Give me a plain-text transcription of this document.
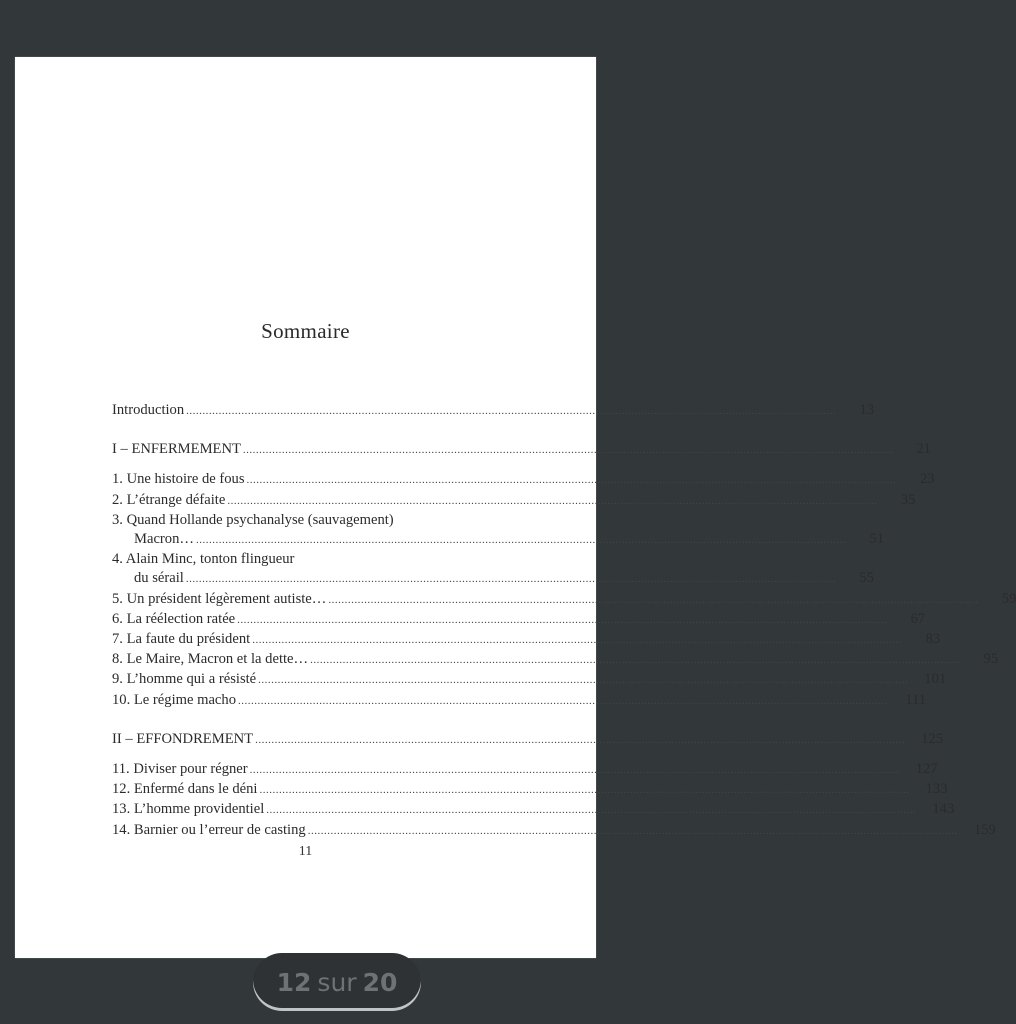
Sommaire
Introduction ........................................................................................................................................................................................................	13
I – ENFERMEMENT ........................................................................................................................................................................................................	21
1. Une histoire de fous ........................................................................................................................................................................................................	23
2. L’étrange défaite ........................................................................................................................................................................................................	35
3. Quand Hollande psychanalyse (sauvagement)
Macron… ........................................................................................................................................................................................................	51
4. Alain Minc, tonton flingueur
du sérail ........................................................................................................................................................................................................	55
5. Un président légèrement autiste… ........................................................................................................................................................................................................	59
6. La réélection ratée ........................................................................................................................................................................................................	67
7. La faute du président ........................................................................................................................................................................................................	83
8. Le Maire, Macron et la dette… ........................................................................................................................................................................................................	95
9. L’homme qui a résisté ........................................................................................................................................................................................................	101
10. Le régime macho ........................................................................................................................................................................................................	111
II – EFFONDREMENT ........................................................................................................................................................................................................	125
11. Diviser pour régner ........................................................................................................................................................................................................	127
12. Enfermé dans le déni ........................................................................................................................................................................................................	133
13. L’homme providentiel ........................................................................................................................................................................................................	143
14. Barnier ou l’erreur de casting ........................................................................................................................................................................................................	159
11
12 sur 20
